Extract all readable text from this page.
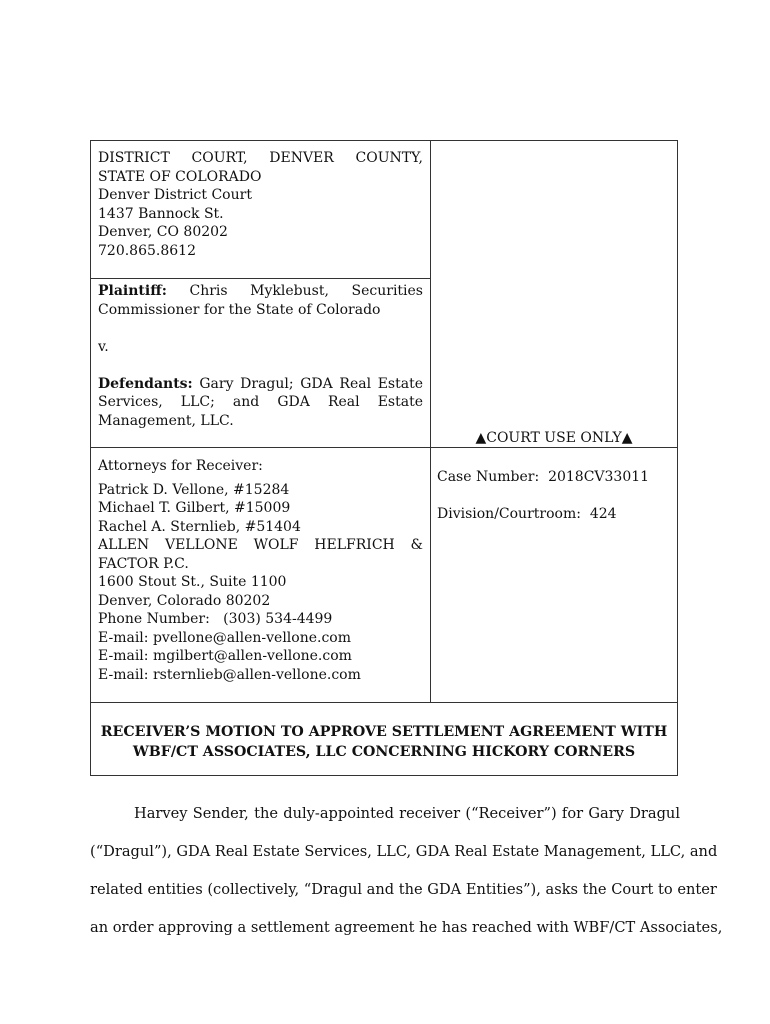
DISTRICT COURT, DENVER COUNTY,
STATE OF COLORADO
Denver District Court
1437 Bannock St.
Denver, CO 80202
720.865.8612
Plaintiff: Chris Myklebust, Securities
Commissioner for the State of Colorado
v.
Defendants: Gary Dragul; GDA Real Estate
Services, LLC; and GDA Real Estate
Management, LLC.
▲COURT USE ONLY▲
Attorneys for Receiver:
Patrick D. Vellone, #15284
Michael T. Gilbert, #15009
Rachel A. Sternlieb, #51404
ALLEN VELLONE WOLF HELFRICH &
FACTOR P.C.
1600 Stout St., Suite 1100
Denver, Colorado 80202
Phone Number:   (303) 534-4499
E-mail: pvellone@allen-vellone.com
E-mail: mgilbert@allen-vellone.com
E-mail: rsternlieb@allen-vellone.com
Case Number:  2018CV33011
Division/Courtroom:  424
RECEIVER’S MOTION TO APPROVE SETTLEMENT AGREEMENT WITH
WBF/CT ASSOCIATES, LLC CONCERNING HICKORY CORNERS
Harvey Sender, the duly-appointed receiver (“Receiver”) for Gary Dragul
(“Dragul”), GDA Real Estate Services, LLC, GDA Real Estate Management, LLC, and
related entities (collectively, “Dragul and the GDA Entities”), asks the Court to enter
an order approving a settlement agreement he has reached with WBF/CT Associates,
